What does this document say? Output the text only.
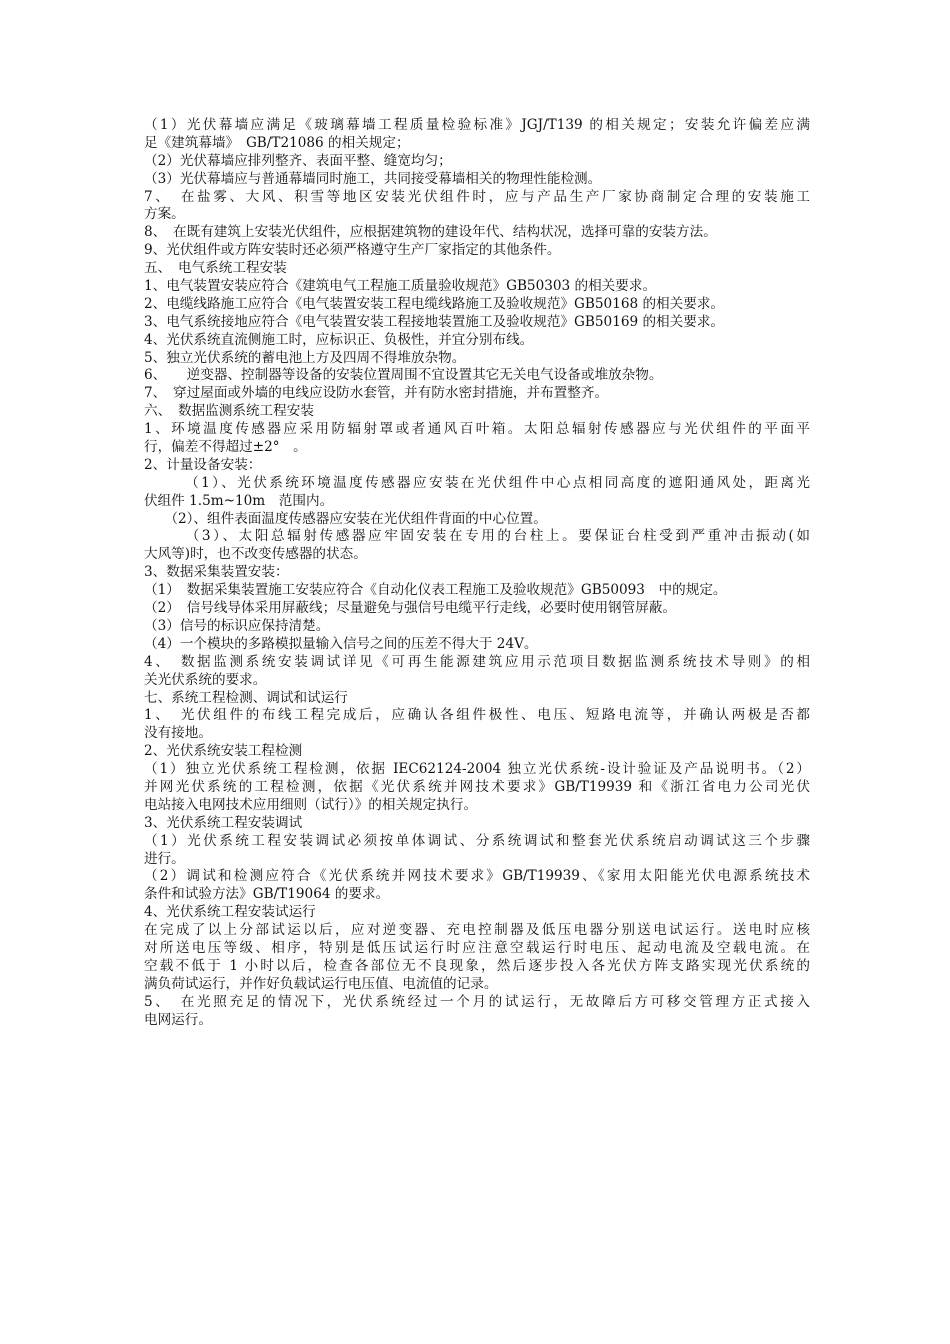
（1）光伏幕墙应满足《玻璃幕墙工程质量检验标准》JGJ/T139 的相关规定；安装允许偏差应满
足《建筑幕墙》　GB/T21086 的相关规定；
（2）光伏幕墙应排列整齐、表面平整、缝宽均匀；
（3）光伏幕墙应与普通幕墙同时施工，共同接受幕墙相关的物理性能检测。
7、　在盐雾、大风、积雪等地区安装光伏组件时，应与产品生产厂家协商制定合理的安装施工
方案。
8、　在既有建筑上安装光伏组件，应根据建筑物的建设年代、结构状况，选择可靠的安装方法。
9、光伏组件或方阵安装时还必须严格遵守生产厂家指定的其他条件。
五、　电气系统工程安装
1、电气装置安装应符合《建筑电气工程施工质量验收规范》GB50303 的相关要求。
2、电缆线路施工应符合《电气装置安装工程电缆线路施工及验收规范》GB50168 的相关要求。
3、电气系统接地应符合《电气装置安装工程接地装置施工及验收规范》GB50169 的相关要求。
4、光伏系统直流侧施工时，应标识正、负极性，并宜分别布线。
5、独立光伏系统的蓄电池上方及四周不得堆放杂物。
6、　　逆变器、控制器等设备的安装位置周围不宜设置其它无关电气设备或堆放杂物。
7、　穿过屋面或外墙的电线应设防水套管，并有防水密封措施，并布置整齐。
六、　数据监测系统工程安装
1、环境温度传感器应采用防辐射罩或者通风百叶箱。太阳总辐射传感器应与光伏组件的平面平
行，偏差不得超过±2°　。
2、计量设备安装：
　　　（1）、光伏系统环境温度传感器应安装在光伏组件中心点相同高度的遮阳通风处，距离光
伏组件 1.5m~10m　范围内。
　　（2）、组件表面温度传感器应安装在光伏组件背面的中心位置。
　　　（3）、太阳总辐射传感器应牢固安装在专用的台柱上。要保证台柱受到严重冲击振动(如
大风等)时，也不改变传感器的状态。
3、数据采集装置安装：
（1）　数据采集装置施工安装应符合《自动化仪表工程施工及验收规范》GB50093　中的规定。
（2）　信号线导体采用屏蔽线；尽量避免与强信号电缆平行走线，必要时使用钢管屏蔽。
（3）信号的标识应保持清楚。
（4）一个模块的多路模拟量输入信号之间的压差不得大于 24V。
4、　数据监测系统安装调试详见《可再生能源建筑应用示范项目数据监测系统技术导则》的相
关光伏系统的要求。
七、系统工程检测、调试和试运行
1、　光伏组件的布线工程完成后，应确认各组件极性、电压、短路电流等，并确认两极是否都
没有接地。
2、光伏系统安装工程检测
（1）独立光伏系统工程检测，依据 IEC62124-2004 独立光伏系统-设计验证及产品说明书。（2）
并网光伏系统的工程检测，依据《光伏系统并网技术要求》GB/T19939 和《浙江省电力公司光伏
电站接入电网技术应用细则（试行）》的相关规定执行。
3、光伏系统工程安装调试
（1）光伏系统工程安装调试必须按单体调试、分系统调试和整套光伏系统启动调试这三个步骤
进行。
（2）调试和检测应符合《光伏系统并网技术要求》GB/T19939、《家用太阳能光伏电源系统技术
条件和试验方法》GB/T19064 的要求。
4、光伏系统工程安装试运行
在完成了以上分部试运以后，应对逆变器、充电控制器及低压电器分别送电试运行。送电时应核
对所送电压等级、相序，特别是低压试运行时应注意空载运行时电压、起动电流及空载电流。在
空载不低于 1 小时以后，检查各部位无不良现象，然后逐步投入各光伏方阵支路实现光伏系统的
满负荷试运行，并作好负载试运行电压值、电流值的记录。
5、　在光照充足的情况下，光伏系统经过一个月的试运行，无故障后方可移交管理方正式接入
电网运行。
